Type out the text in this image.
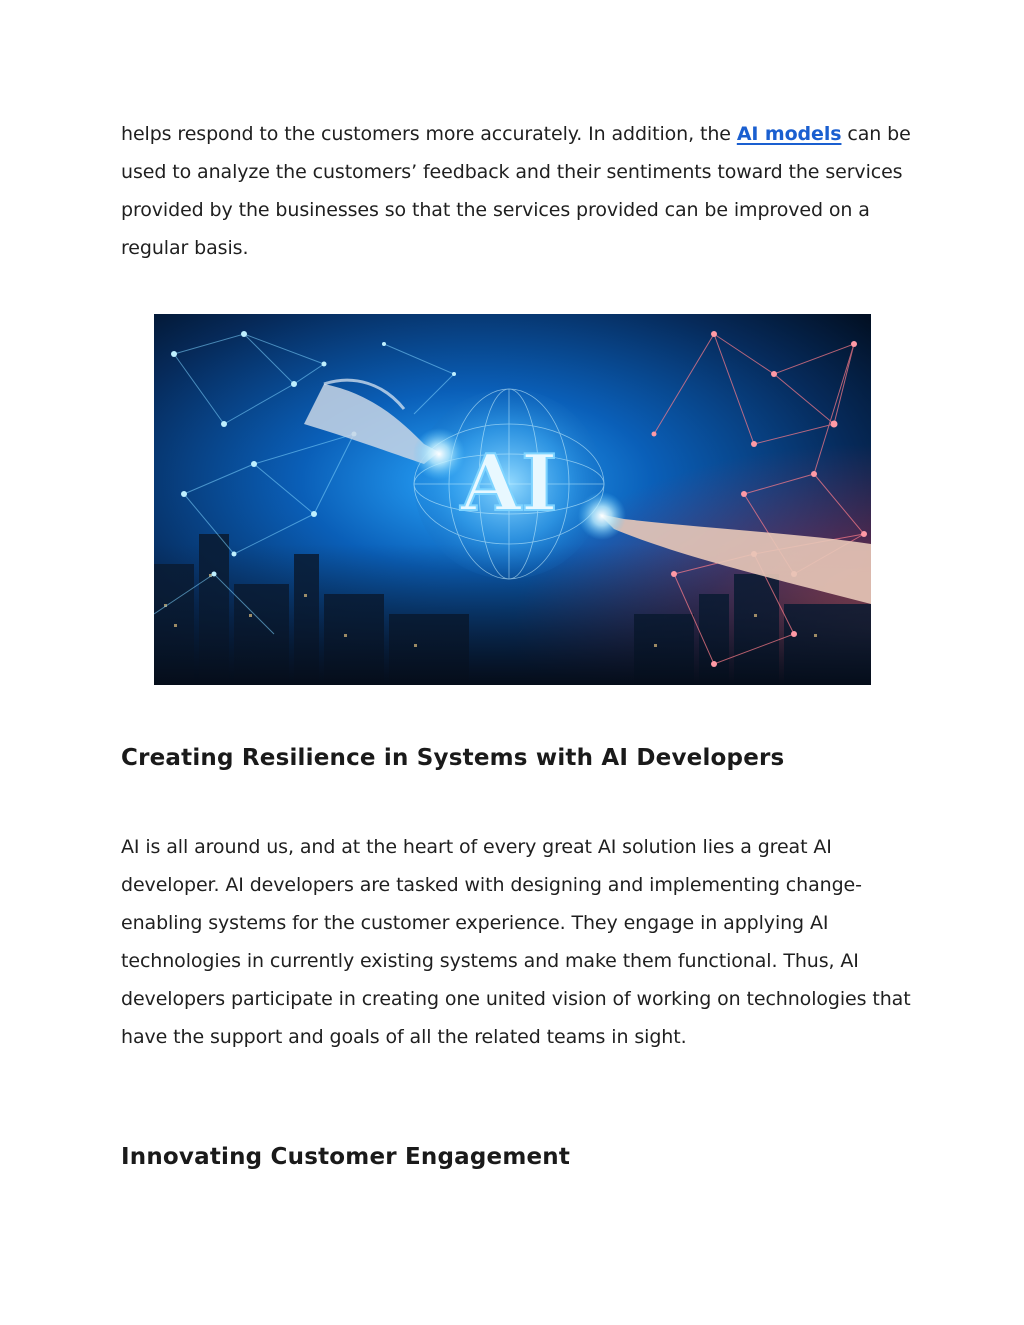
helps respond to the customers more accurately. In addition, the AI models can be used to analyze the customers’ feedback and their sentiments toward the services provided by the businesses so that the services provided can be improved on a regular basis.

AI
Creating Resilience in Systems with AI Developers

AI is all around us, and at the heart of every great AI solution lies a great AI developer. AI developers are tasked with designing and implementing change-enabling systems for the customer experience. They engage in applying AI technologies in currently existing systems and make them functional. Thus, AI developers participate in creating one united vision of working on technologies that have the support and goals of all the related teams in sight.

Innovating Customer Engagement
